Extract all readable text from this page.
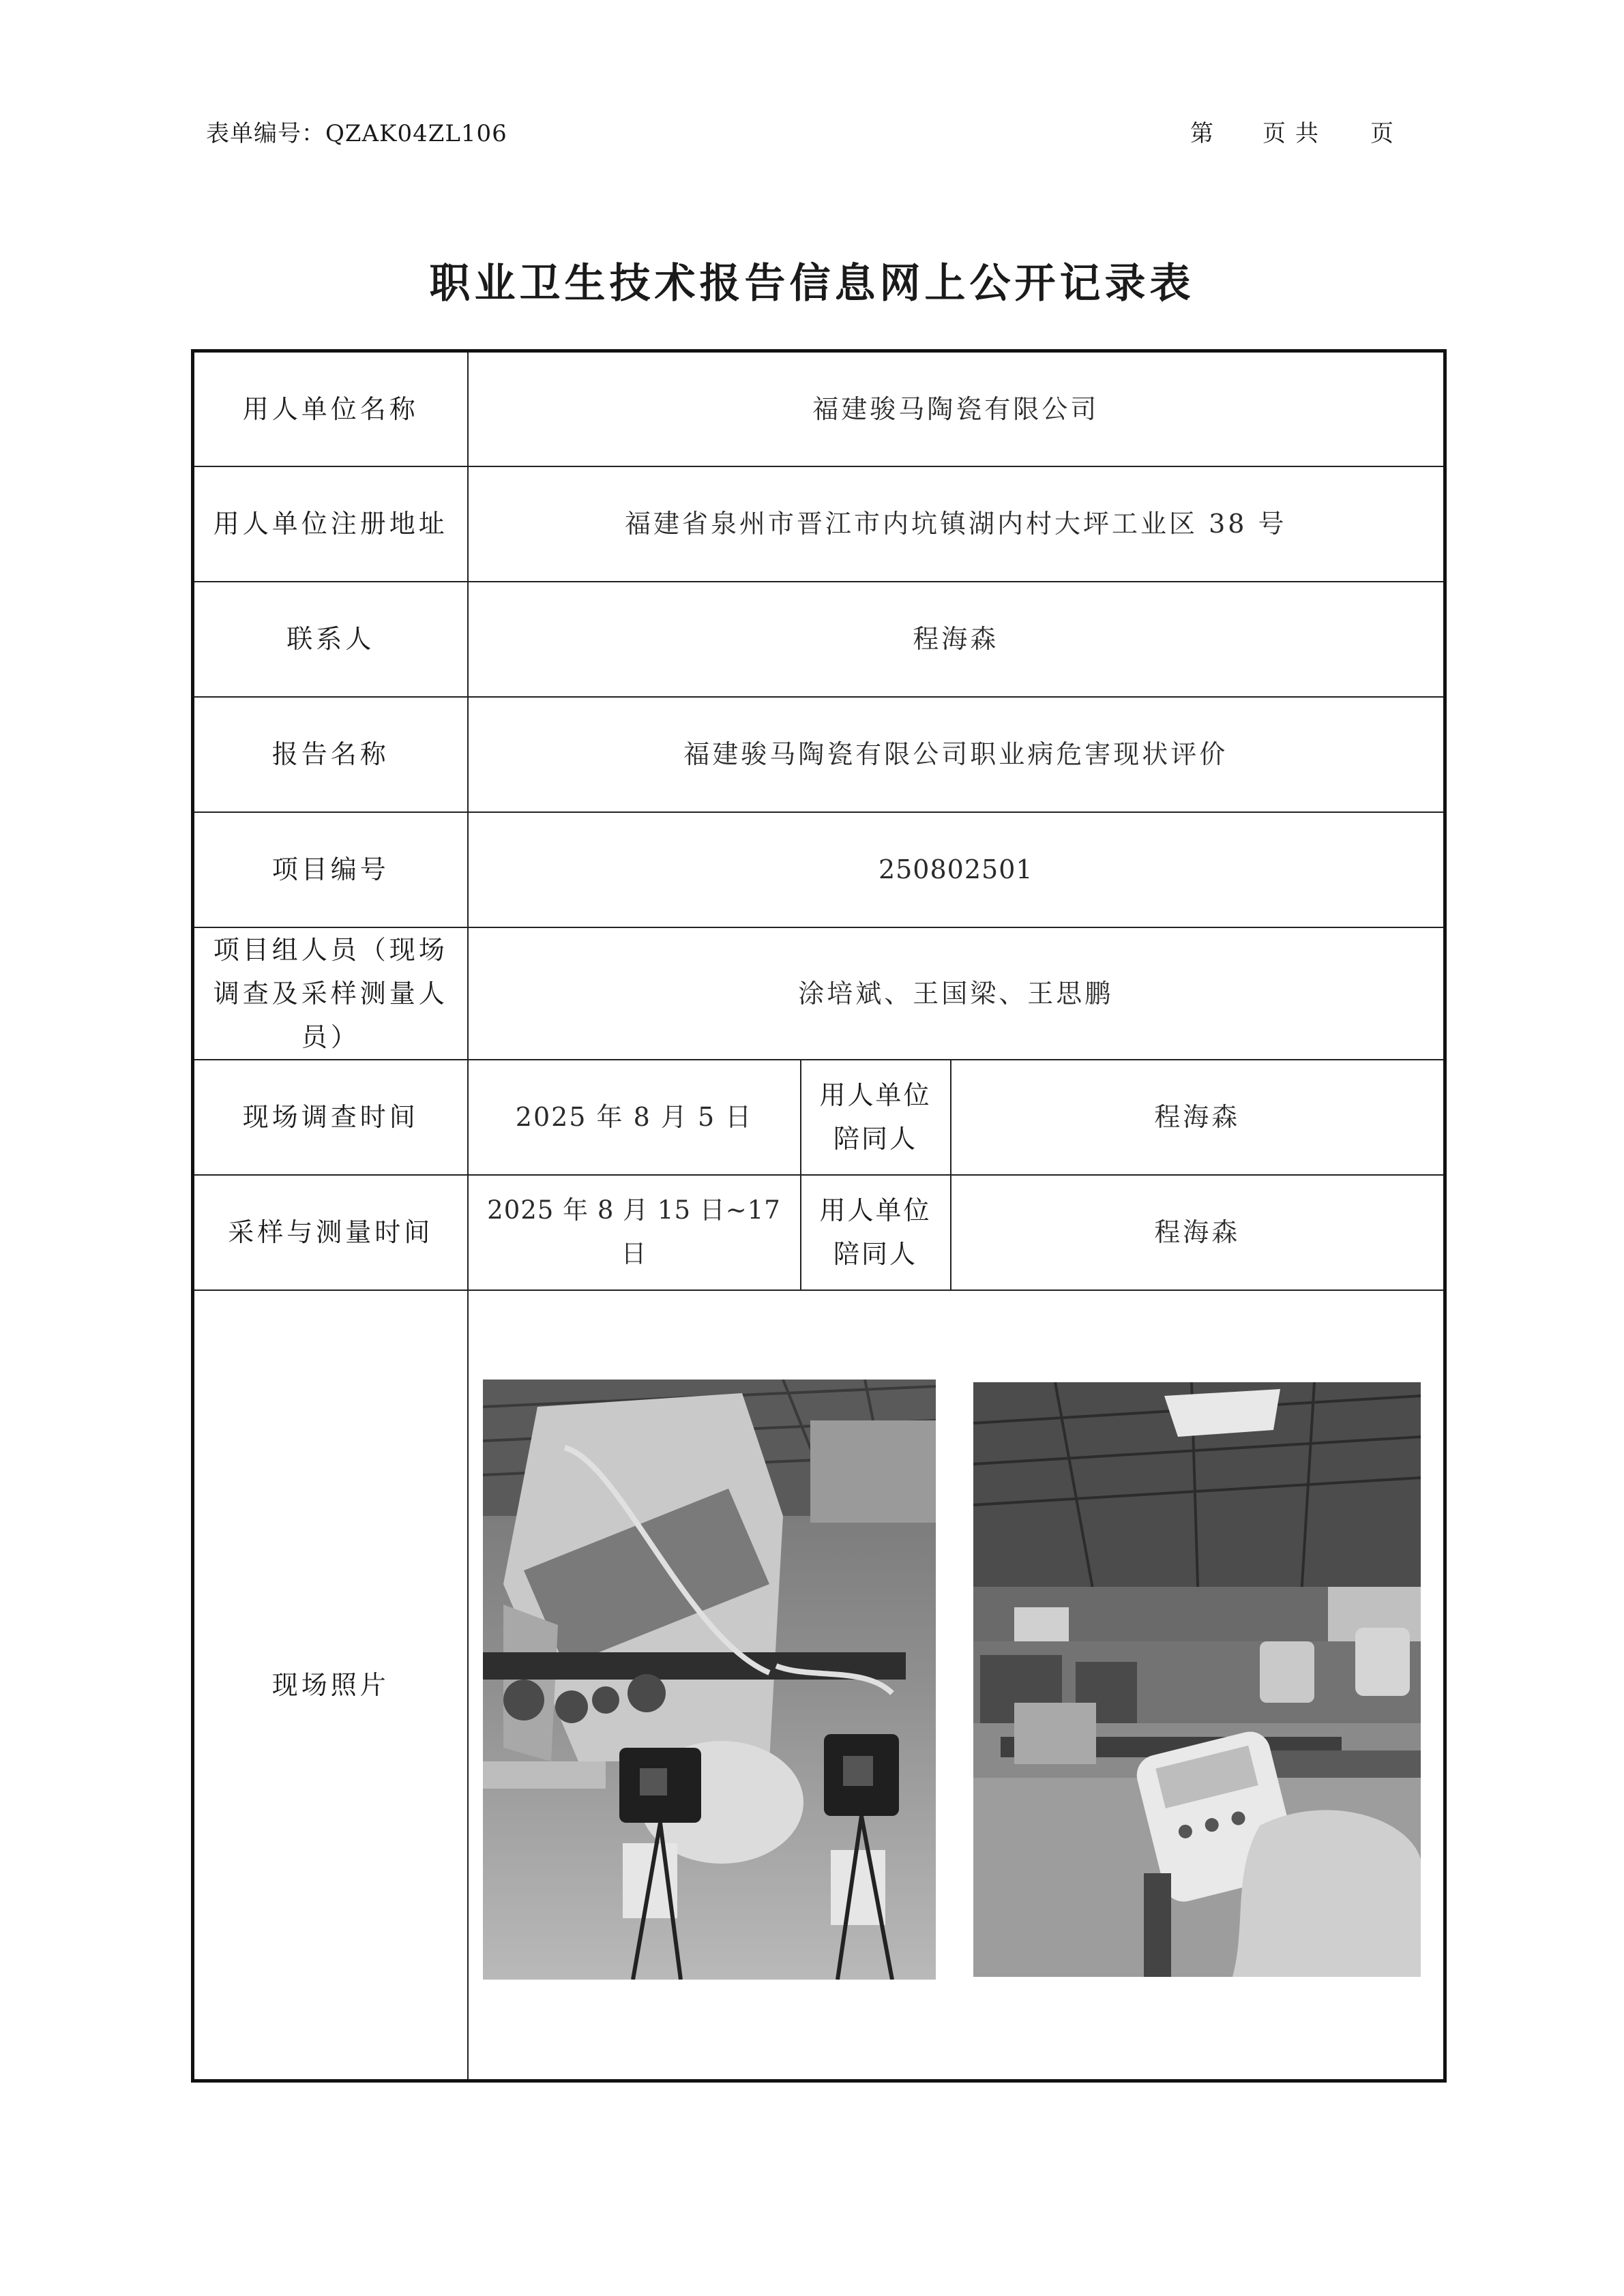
表单编号：QZAK04ZL106	第 页共 页
职业卫生技术报告信息网上公开记录表
用人单位名称	福建骏马陶瓷有限公司		
用人单位注册地址	福建省泉州市晋江市内坑镇湖内村大坪工业区 38 号		
联系人	程海森		
报告名称	福建骏马陶瓷有限公司职业病危害现状评价		
项目编号	250802501		
项目组人员（现场调查及采样测量人员）	涂培斌、王国梁、王思鹏		
现场调查时间	2025 年 8 月 5 日	用人单位陪同人	程海森
采样与测量时间	2025 年 8 月 15 日~17 日	用人单位陪同人	程海森
现场照片	
